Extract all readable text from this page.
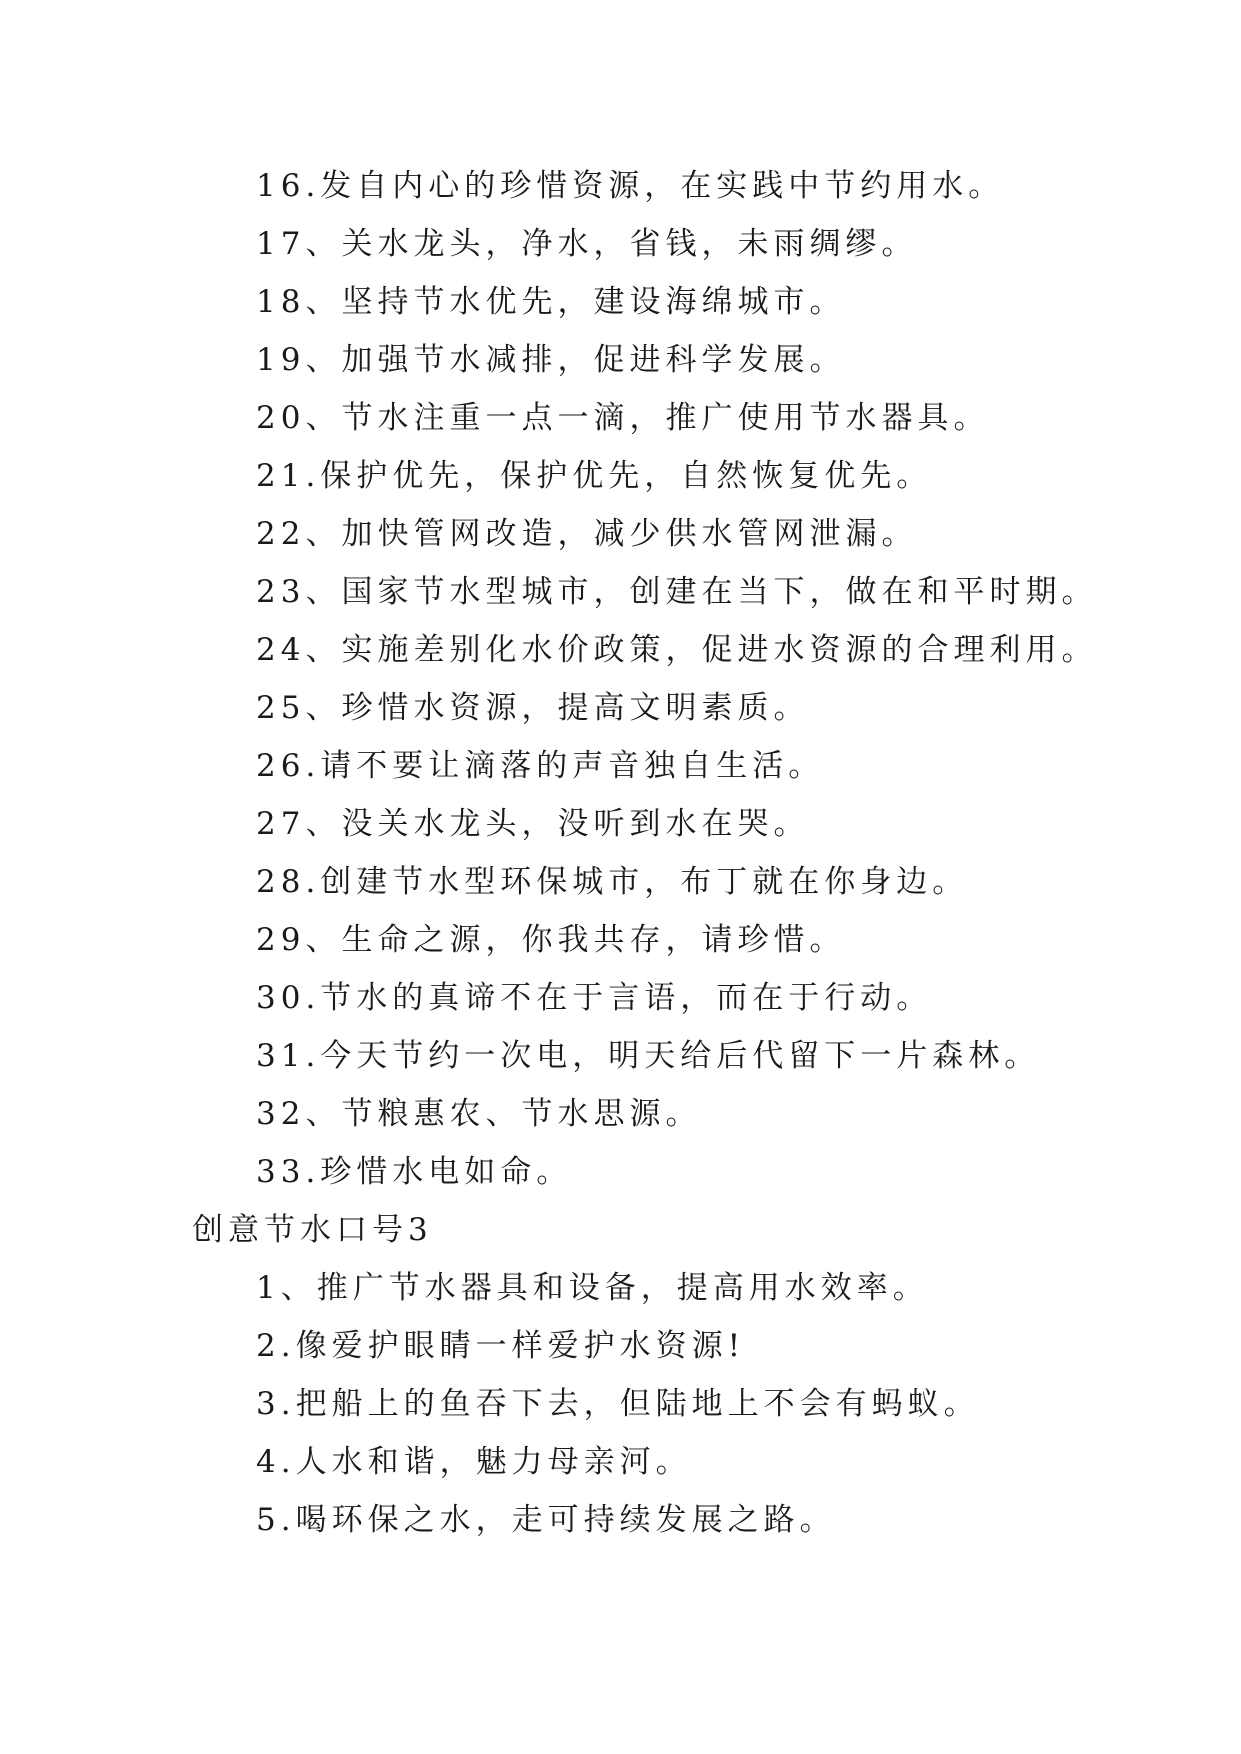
16.发自内心的珍惜资源，在实践中节约用水。
17、关水龙头，净水，省钱，未雨绸缪。
18、坚持节水优先，建设海绵城市。
19、加强节水减排，促进科学发展。
20、节水注重一点一滴，推广使用节水器具。
21.保护优先，保护优先，自然恢复优先。
22、加快管网改造，减少供水管网泄漏。
23、国家节水型城市，创建在当下，做在和平时期。
24、实施差别化水价政策，促进水资源的合理利用。
25、珍惜水资源，提高文明素质。
26.请不要让滴落的声音独自生活。
27、没关水龙头，没听到水在哭。
28.创建节水型环保城市，布丁就在你身边。
29、生命之源，你我共存，请珍惜。
30.节水的真谛不在于言语，而在于行动。
31.今天节约一次电，明天给后代留下一片森林。
32、节粮惠农、节水思源。
33.珍惜水电如命。
创意节水口号3
1、推广节水器具和设备，提高用水效率。
2.像爱护眼睛一样爱护水资源!
3.把船上的鱼吞下去，但陆地上不会有蚂蚁。
4.人水和谐，魅力母亲河。
5.喝环保之水，走可持续发展之路。
